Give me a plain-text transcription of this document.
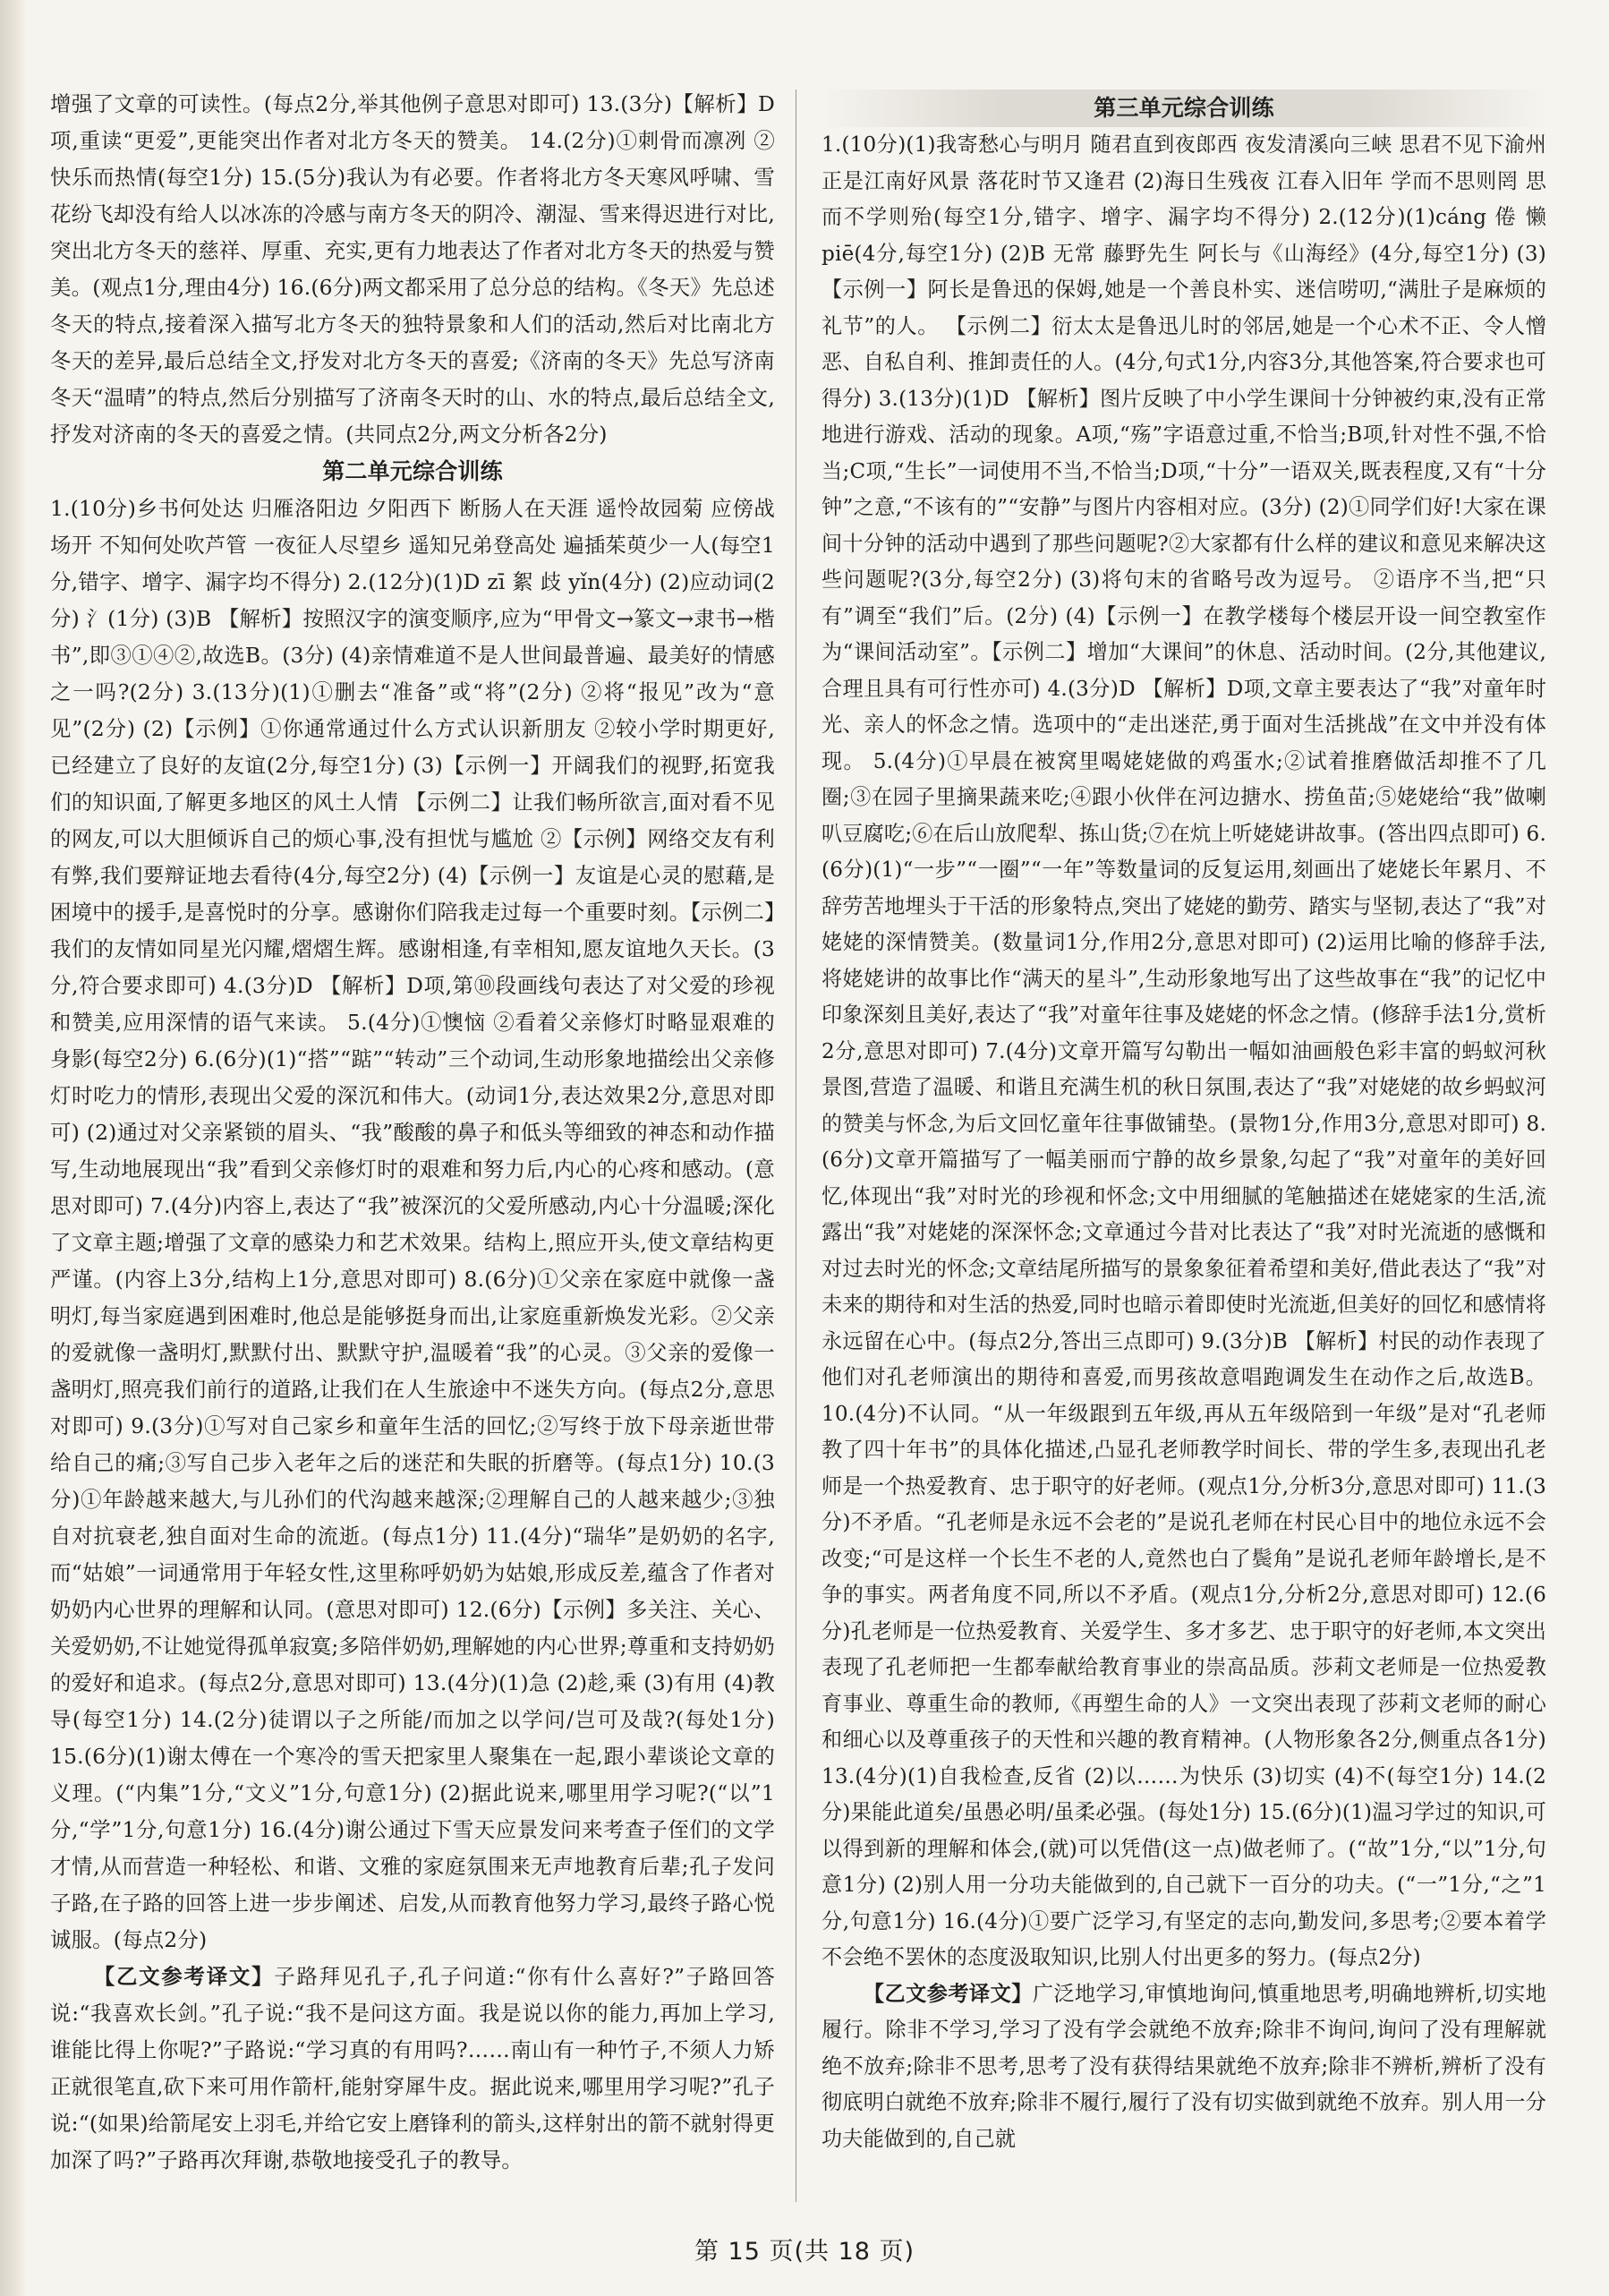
增强了文章的可读性。(每点2分,举其他例子意思对即可) 13.(3分)【解析】D项,重读“更爱”,更能突出作者对北方冬天的赞美。 14.(2分)①刺骨而凛冽 ②快乐而热情(每空1分) 15.(5分)我认为有必要。作者将北方冬天寒风呼啸、雪花纷飞却没有给人以冰冻的冷感与南方冬天的阴冷、潮湿、雪来得迟进行对比,突出北方冬天的慈祥、厚重、充实,更有力地表达了作者对北方冬天的热爱与赞美。(观点1分,理由4分) 16.(6分)两文都采用了总分总的结构。《冬天》先总述冬天的特点,接着深入描写北方冬天的独特景象和人们的活动,然后对比南北方冬天的差异,最后总结全文,抒发对北方冬天的喜爱;《济南的冬天》先总写济南冬天“温晴”的特点,然后分别描写了济南冬天时的山、水的特点,最后总结全文,抒发对济南的冬天的喜爱之情。(共同点2分,两文分析各2分)

第二单元综合训练

1.(10分)乡书何处达 归雁洛阳边 夕阳西下 断肠人在天涯 遥怜故园菊 应傍战场开 不知何处吹芦管 一夜征人尽望乡 遥知兄弟登高处 遍插茱萸少一人(每空1分,错字、增字、漏字均不得分) 2.(12分)(1)D zī 絮 歧 yǐn(4分) (2)应动词(2分) 氵(1分) (3)B 【解析】按照汉字的演变顺序,应为“甲骨文→篆文→隶书→楷书”,即③①④②,故选B。(3分) (4)亲情难道不是人世间最普遍、最美好的情感之一吗?(2分) 3.(13分)(1)①删去“准备”或“将”(2分) ②将“报见”改为“意见”(2分) (2)【示例】①你通常通过什么方式认识新朋友 ②较小学时期更好,已经建立了良好的友谊(2分,每空1分) (3)【示例一】开阔我们的视野,拓宽我们的知识面,了解更多地区的风土人情 【示例二】让我们畅所欲言,面对看不见的网友,可以大胆倾诉自己的烦心事,没有担忧与尴尬 ②【示例】网络交友有利有弊,我们要辩证地去看待(4分,每空2分) (4)【示例一】友谊是心灵的慰藉,是困境中的援手,是喜悦时的分享。感谢你们陪我走过每一个重要时刻。【示例二】我们的友情如同星光闪耀,熠熠生辉。感谢相逢,有幸相知,愿友谊地久天长。(3分,符合要求即可) 4.(3分)D 【解析】D项,第⑩段画线句表达了对父爱的珍视和赞美,应用深情的语气来读。 5.(4分)①懊恼 ②看着父亲修灯时略显艰难的身影(每空2分) 6.(6分)(1)“搭”“踮”“转动”三个动词,生动形象地描绘出父亲修灯时吃力的情形,表现出父爱的深沉和伟大。(动词1分,表达效果2分,意思对即可) (2)通过对父亲紧锁的眉头、“我”酸酸的鼻子和低头等细致的神态和动作描写,生动地展现出“我”看到父亲修灯时的艰难和努力后,内心的心疼和感动。(意思对即可) 7.(4分)内容上,表达了“我”被深沉的父爱所感动,内心十分温暖;深化了文章主题;增强了文章的感染力和艺术效果。结构上,照应开头,使文章结构更严谨。(内容上3分,结构上1分,意思对即可) 8.(6分)①父亲在家庭中就像一盏明灯,每当家庭遇到困难时,他总是能够挺身而出,让家庭重新焕发光彩。②父亲的爱就像一盏明灯,默默付出、默默守护,温暖着“我”的心灵。③父亲的爱像一盏明灯,照亮我们前行的道路,让我们在人生旅途中不迷失方向。(每点2分,意思对即可) 9.(3分)①写对自己家乡和童年生活的回忆;②写终于放下母亲逝世带给自己的痛;③写自己步入老年之后的迷茫和失眠的折磨等。(每点1分) 10.(3分)①年龄越来越大,与儿孙们的代沟越来越深;②理解自己的人越来越少;③独自对抗衰老,独自面对生命的流逝。(每点1分) 11.(4分)“瑞华”是奶奶的名字,而“姑娘”一词通常用于年轻女性,这里称呼奶奶为姑娘,形成反差,蕴含了作者对奶奶内心世界的理解和认同。(意思对即可) 12.(6分)【示例】多关注、关心、关爱奶奶,不让她觉得孤单寂寞;多陪伴奶奶,理解她的内心世界;尊重和支持奶奶的爱好和追求。(每点2分,意思对即可) 13.(4分)(1)急 (2)趁,乘 (3)有用 (4)教导(每空1分) 14.(2分)徒谓以子之所能/而加之以学问/岂可及哉?(每处1分) 15.(6分)(1)谢太傅在一个寒冷的雪天把家里人聚集在一起,跟小辈谈论文章的义理。(“内集”1分,“文义”1分,句意1分) (2)据此说来,哪里用学习呢?(“以”1分,“学”1分,句意1分) 16.(4分)谢公通过下雪天应景发问来考查子侄们的文学才情,从而营造一种轻松、和谐、文雅的家庭氛围来无声地教育后辈;孔子发问子路,在子路的回答上进一步步阐述、启发,从而教育他努力学习,最终子路心悦诚服。(每点2分)

  【乙文参考译文】子路拜见孔子,孔子问道:“你有什么喜好?”子路回答说:“我喜欢长剑。”孔子说:“我不是问这方面。我是说以你的能力,再加上学习,谁能比得上你呢?”子路说:“学习真的有用吗?……南山有一种竹子,不须人力矫正就很笔直,砍下来可用作箭杆,能射穿犀牛皮。据此说来,哪里用学习呢?”孔子说:“(如果)给箭尾安上羽毛,并给它安上磨锋利的箭头,这样射出的箭不就射得更加深了吗?”子路再次拜谢,恭敬地接受孔子的教导。

第三单元综合训练

1.(10分)(1)我寄愁心与明月 随君直到夜郎西 夜发清溪向三峡 思君不见下渝州 正是江南好风景 落花时节又逢君 (2)海日生残夜 江春入旧年 学而不思则罔 思而不学则殆(每空1分,错字、增字、漏字均不得分) 2.(12分)(1)cáng 倦 懒 piē(4分,每空1分) (2)B 无常 藤野先生 阿长与《山海经》(4分,每空1分) (3)【示例一】阿长是鲁迅的保姆,她是一个善良朴实、迷信唠叨,“满肚子是麻烦的礼节”的人。 【示例二】衍太太是鲁迅儿时的邻居,她是一个心术不正、令人憎恶、自私自利、推卸责任的人。(4分,句式1分,内容3分,其他答案,符合要求也可得分) 3.(13分)(1)D 【解析】图片反映了中小学生课间十分钟被约束,没有正常地进行游戏、活动的现象。A项,“殇”字语意过重,不恰当;B项,针对性不强,不恰当;C项,“生长”一词使用不当,不恰当;D项,“十分”一语双关,既表程度,又有“十分钟”之意,“不该有的”“安静”与图片内容相对应。(3分) (2)①同学们好!大家在课间十分钟的活动中遇到了那些问题呢?②大家都有什么样的建议和意见来解决这些问题呢?(3分,每空2分) (3)将句末的省略号改为逗号。 ②语序不当,把“只有”调至“我们”后。(2分) (4)【示例一】在教学楼每个楼层开设一间空教室作为“课间活动室”。【示例二】增加“大课间”的休息、活动时间。(2分,其他建议,合理且具有可行性亦可) 4.(3分)D 【解析】D项,文章主要表达了“我”对童年时光、亲人的怀念之情。选项中的“走出迷茫,勇于面对生活挑战”在文中并没有体现。 5.(4分)①早晨在被窝里喝姥姥做的鸡蛋水;②试着推磨做活却推不了几圈;③在园子里摘果蔬来吃;④跟小伙伴在河边搪水、捞鱼苗;⑤姥姥给“我”做喇叭豆腐吃;⑥在后山放爬犁、拣山货;⑦在炕上听姥姥讲故事。(答出四点即可) 6.(6分)(1)“一步”“一圈”“一年”等数量词的反复运用,刻画出了姥姥长年累月、不辞劳苦地埋头于干活的形象特点,突出了姥姥的勤劳、踏实与坚韧,表达了“我”对姥姥的深情赞美。(数量词1分,作用2分,意思对即可) (2)运用比喻的修辞手法,将姥姥讲的故事比作“满天的星斗”,生动形象地写出了这些故事在“我”的记忆中印象深刻且美好,表达了“我”对童年往事及姥姥的怀念之情。(修辞手法1分,赏析2分,意思对即可) 7.(4分)文章开篇写勾勒出一幅如油画般色彩丰富的蚂蚁河秋景图,营造了温暖、和谐且充满生机的秋日氛围,表达了“我”对姥姥的故乡蚂蚁河的赞美与怀念,为后文回忆童年往事做铺垫。(景物1分,作用3分,意思对即可) 8.(6分)文章开篇描写了一幅美丽而宁静的故乡景象,勾起了“我”对童年的美好回忆,体现出“我”对时光的珍视和怀念;文中用细腻的笔触描述在姥姥家的生活,流露出“我”对姥姥的深深怀念;文章通过今昔对比表达了“我”对时光流逝的感慨和对过去时光的怀念;文章结尾所描写的景象象征着希望和美好,借此表达了“我”对未来的期待和对生活的热爱,同时也暗示着即使时光流逝,但美好的回忆和感情将永远留在心中。(每点2分,答出三点即可) 9.(3分)B 【解析】村民的动作表现了他们对孔老师演出的期待和喜爱,而男孩故意唱跑调发生在动作之后,故选B。 10.(4分)不认同。“从一年级跟到五年级,再从五年级陪到一年级”是对“孔老师教了四十年书”的具体化描述,凸显孔老师教学时间长、带的学生多,表现出孔老师是一个热爱教育、忠于职守的好老师。(观点1分,分析3分,意思对即可) 11.(3分)不矛盾。“孔老师是永远不会老的”是说孔老师在村民心目中的地位永远不会改变;“可是这样一个长生不老的人,竟然也白了鬓角”是说孔老师年龄增长,是不争的事实。两者角度不同,所以不矛盾。(观点1分,分析2分,意思对即可) 12.(6分)孔老师是一位热爱教育、关爱学生、多才多艺、忠于职守的好老师,本文突出表现了孔老师把一生都奉献给教育事业的崇高品质。莎莉文老师是一位热爱教育事业、尊重生命的教师,《再塑生命的人》一文突出表现了莎莉文老师的耐心和细心以及尊重孩子的天性和兴趣的教育精神。(人物形象各2分,侧重点各1分) 13.(4分)(1)自我检查,反省 (2)以……为快乐 (3)切实 (4)不(每空1分) 14.(2分)果能此道矣/虽愚必明/虽柔必强。(每处1分) 15.(6分)(1)温习学过的知识,可以得到新的理解和体会,(就)可以凭借(这一点)做老师了。(“故”1分,“以”1分,句意1分) (2)别人用一分功夫能做到的,自己就下一百分的功夫。(“一”1分,“之”1分,句意1分) 16.(4分)①要广泛学习,有坚定的志向,勤发问,多思考;②要本着学不会绝不罢休的态度汲取知识,比别人付出更多的努力。(每点2分)

  【乙文参考译文】广泛地学习,审慎地询问,慎重地思考,明确地辨析,切实地履行。除非不学习,学习了没有学会就绝不放弃;除非不询问,询问了没有理解就绝不放弃;除非不思考,思考了没有获得结果就绝不放弃;除非不辨析,辨析了没有彻底明白就绝不放弃;除非不履行,履行了没有切实做到就绝不放弃。别人用一分功夫能做到的,自己就

第 15 页(共 18 页)
